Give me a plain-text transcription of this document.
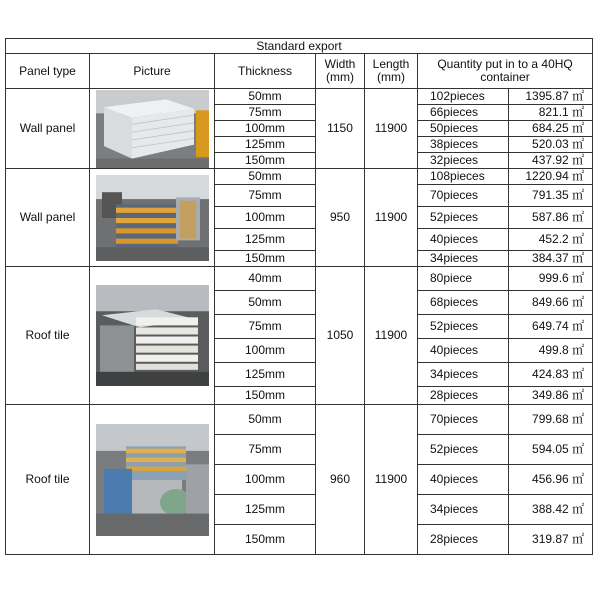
Standard export						
Panel type	Picture	Thickness	Width (mm)	Length (mm)	Quantity put in to a 40HQ container	
Wall panel		50mm	1150	11900	102pieces	1395.87 ㎡
		75mm			66pieces	821.1 ㎡
		100mm			50pieces	684.25 ㎡
		125mm			38pieces	520.03 ㎡
		150mm			32pieces	437.92 ㎡
Wall panel		50mm	950	11900	108pieces	1220.94 ㎡
		75mm			70pieces	791.35 ㎡
		100mm			52pieces	587.86 ㎡
		125mm			40pieces	452.2 ㎡
		150mm			34pieces	384.37 ㎡
Roof tile		40mm	1050	11900	80piece	999.6 ㎡
		50mm			68pieces	849.66 ㎡
		75mm			52pieces	649.74 ㎡
		100mm			40pieces	499.8 ㎡
		125mm			34pieces	424.83 ㎡
		150mm			28pieces	349.86 ㎡
Roof tile		50mm	960	11900	70pieces	799.68 ㎡
		75mm			52pieces	594.05 ㎡
		100mm			40pieces	456.96 ㎡
		125mm			34pieces	388.42 ㎡
		150mm			28pieces	319.87 ㎡
